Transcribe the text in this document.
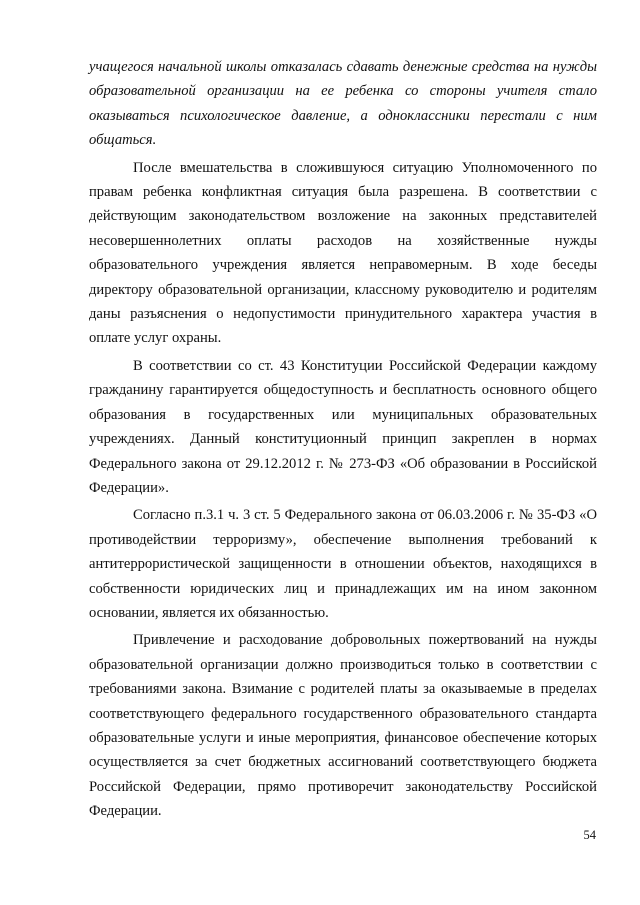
учащегося начальной школы отказалась сдавать денежные средства на нужды образовательной организации на ее ребенка со стороны учителя стало оказываться психологическое давление, а одноклассники перестали с ним общаться.

После вмешательства в сложившуюся ситуацию Уполномоченного по правам ребенка конфликтная ситуация была разрешена. В соответствии с действующим законодательством возложение на законных представителей несовершеннолетних оплаты расходов на хозяйственные нужды образовательного учреждения является неправомерным. В ходе беседы директору образовательной организации, классному руководителю и родителям даны разъяснения о недопустимости принудительного характера участия в оплате услуг охраны.

В соответствии со ст. 43 Конституции Российской Федерации каждому гражданину гарантируется общедоступность и бесплатность основного общего образования в государственных или муниципальных образовательных учреждениях. Данный конституционный принцип закреплен в нормах Федерального закона от 29.12.2012 г. № 273-ФЗ «Об образовании в Российской Федерации».

Согласно п.3.1 ч. 3 ст. 5 Федерального закона от 06.03.2006 г. № 35-ФЗ «О противодействии терроризму», обеспечение выполнения требований к антитеррористической защищенности в отношении объектов, находящихся в собственности юридических лиц и принадлежащих им на ином законном основании, является их обязанностью.

Привлечение и расходование добровольных пожертвований на нужды образовательной организации должно производиться только в соответствии с требованиями закона. Взимание с родителей платы за оказываемые в пределах соответствующего федерального государственного образовательного стандарта образовательные услуги и иные мероприятия, финансовое обеспечение которых осуществляется за счет бюджетных ассигнований соответствующего бюджета Российской Федерации, прямо противоречит законодательству Российской Федерации.

54
